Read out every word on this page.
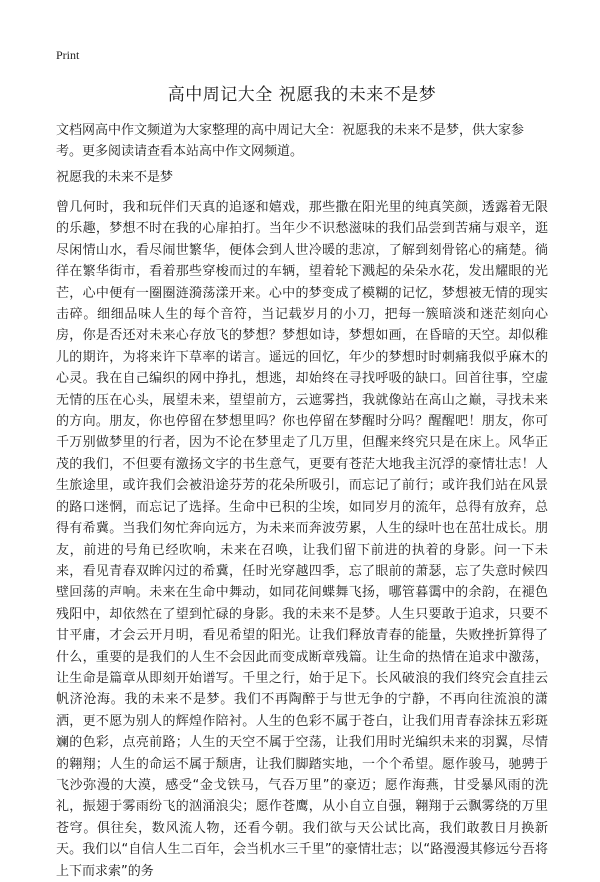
Print
高中周记大全 祝愿我的未来不是梦

文档网高中作文频道为大家整理的高中周记大全：祝愿我的未来不是梦，供大家参考。更多阅读请查看本站高中作文网频道。

祝愿我的未来不是梦

曾几何时，我和玩伴们天真的追逐和嬉戏，那些撒在阳光里的纯真笑颜，透露着无限的乐趣，梦想不时在我的心扉拍打。当年少不识愁滋味的我们品尝到苦痛与艰辛，逛尽闲情山水，看尽闹世繁华，便体会到人世冷暖的悲凉，了解到刻骨铭心的痛楚。徜徉在繁华街市，看着那些穿梭而过的车辆，望着轮下溅起的朵朵水花，发出耀眼的光芒，心中便有一圈圈涟漪荡漾开来。心中的梦变成了模糊的记忆，梦想被无情的现实击碎。细细品味人生的每个音符，当记载岁月的小刀，把每一簇暗淡和迷茫刻向心房，你是否还对未来心存放飞的梦想？梦想如诗，梦想如画，在昏暗的天空。却似稚儿的期许，为将来许下草率的诺言。遥远的回忆，年少的梦想时时刺痛我似乎麻木的心灵。我在自己编织的网中挣扎，想逃，却始终在寻找呼吸的缺口。回首往事，空虚无情的压在心头，展望未来，望望前方，云遮雾挡，我就像站在高山之巅，寻找未来的方向。朋友，你也停留在梦想里吗？你也停留在梦醒时分吗？醒醒吧！朋友，你可千万别做梦里的行者，因为不论在梦里走了几万里，但醒来终究只是在床上。风华正茂的我们，不但要有激扬文字的书生意气，更要有苍茫大地我主沉浮的豪情壮志！人生旅途里，或许我们会被沿途芬芳的花朵所吸引，而忘记了前行；或许我们站在风景的路口迷惘，而忘记了选择。生命中已积的尘埃，如同岁月的流年，总得有放弃，总得有希冀。当我们匆忙奔向远方，为未来而奔波劳累，人生的绿叶也在茁壮成长。朋友，前进的号角已经吹响，未来在召唤，让我们留下前进的执着的身影。问一下未来，看见青春双眸闪过的希冀，任时光穿越四季，忘了眼前的萧瑟，忘了失意时候四壁回荡的声响。未来在生命中舞动，如同花间蝶舞飞扬，哪管暮霭中的余韵，在褪色残阳中，却依然在了望到忙碌的身影。我的未来不是梦。人生只要敢于追求，只要不甘平庸，才会云开月明，看见希望的阳光。让我们释放青春的能量，失败挫折算得了什么，重要的是我们的人生不会因此而变成断章残篇。让生命的热情在追求中激荡，让生命是篇章从即刻开始谱写。千里之行，始于足下。长风破浪的我们终究会直挂云帆济沧海。我的未来不是梦。我们不再陶醉于与世无争的宁静，不再向往流浪的潇洒，更不愿为别人的辉煌作陪衬。人生的色彩不属于苍白，让我们用青春涂抹五彩斑斓的色彩，点亮前路；人生的天空不属于空荡，让我们用时光编织未来的羽翼，尽情的翱翔；人生的命运不属于颓唐，让我们脚踏实地，一个个希望。愿作骏马，驰骋于飞沙弥漫的大漠，感受“金戈铁马，气吞万里”的豪迈；愿作海燕，甘受暴风雨的洗礼，振翅于雾雨纷飞的汹涌浪尖；愿作苍鹰，从小自立自强，翱翔于云飘雾绕的万里苍穹。俱往矣，数风流人物，还看今朝。我们欲与天公试比高，我们敢教日月换新天。我们以“自信人生二百年，会当机水三千里”的豪情壮志；以“路漫漫其修远兮吾将上下而求索”的务
